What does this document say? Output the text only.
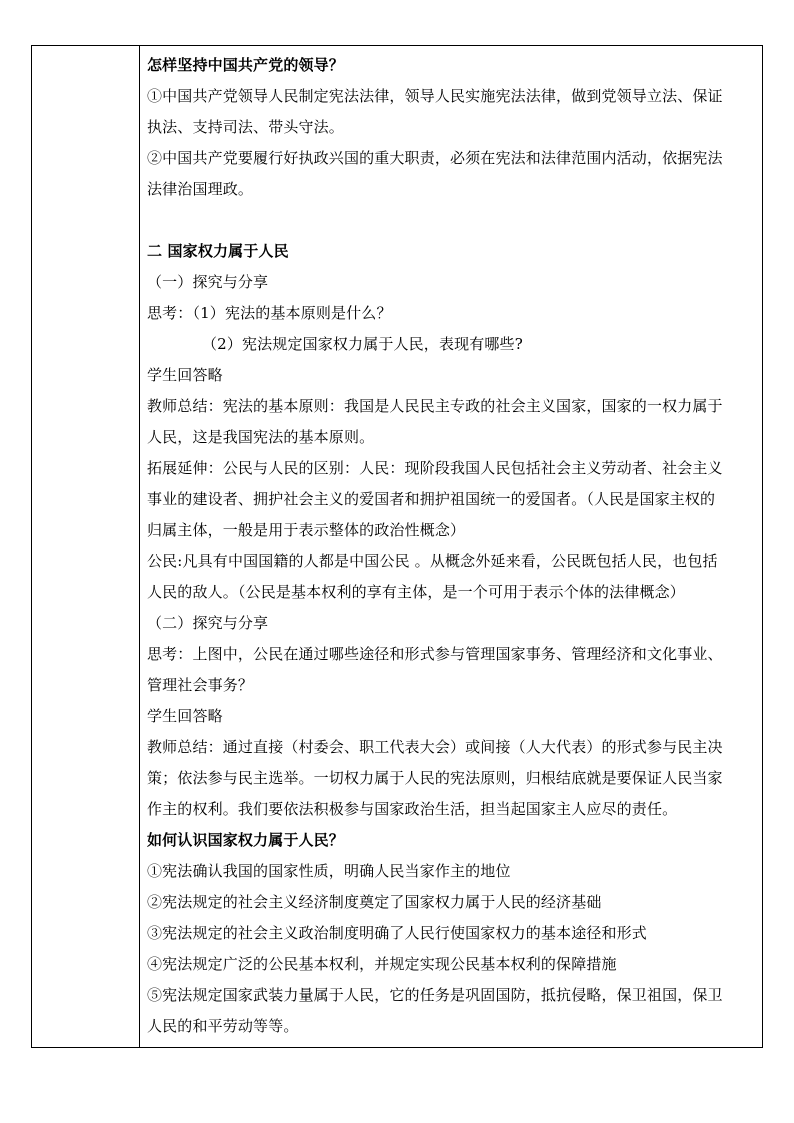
怎样坚持中国共产党的领导？
①中国共产党领导人民制定宪法法律，领导人民实施宪法法律，做到党领导立法、保证
执法、支持司法、带头守法。
②中国共产党要履行好执政兴国的重大职责，必须在宪法和法律范围内活动，依据宪法
法律治国理政。
二 国家权力属于人民
（一）探究与分享
思考：（1）宪法的基本原则是什么？
（2）宪法规定国家权力属于人民，表现有哪些?
学生回答略
教师总结：宪法的基本原则：我国是人民民主专政的社会主义国家，国家的一权力属于
人民，这是我国宪法的基本原则。
拓展延伸：公民与人民的区别：人民：现阶段我国人民包括社会主义劳动者、社会主义
事业的建设者、拥护社会主义的爱国者和拥护祖国统一的爱国者。（人民是国家主权的
归属主体，一般是用于表示整体的政治性概念）
公民:凡具有中国国籍的人都是中国公民 。从概念外延来看，公民既包括人民，也包括
人民的敌人。（公民是基本权利的享有主体，是一个可用于表示个体的法律概念）
（二）探究与分享
思考：上图中，公民在通过哪些途径和形式参与管理国家事务、管理经济和文化事业、
管理社会事务？
学生回答略
教师总结：通过直接（村委会、职工代表大会）或间接（人大代表）的形式参与民主决
策；依法参与民主选举。一切权力属于人民的宪法原则，归根结底就是要保证人民当家
作主的权利。我们要依法积极参与国家政治生活，担当起国家主人应尽的责任。
如何认识国家权力属于人民？
①宪法确认我国的国家性质，明确人民当家作主的地位
②宪法规定的社会主义经济制度奠定了国家权力属于人民的经济基础
③宪法规定的社会主义政治制度明确了人民行使国家权力的基本途径和形式
④宪法规定广泛的公民基本权利，并规定实现公民基本权利的保障措施
⑤宪法规定国家武装力量属于人民，它的任务是巩固国防，抵抗侵略，保卫祖国，保卫
人民的和平劳动等等。
